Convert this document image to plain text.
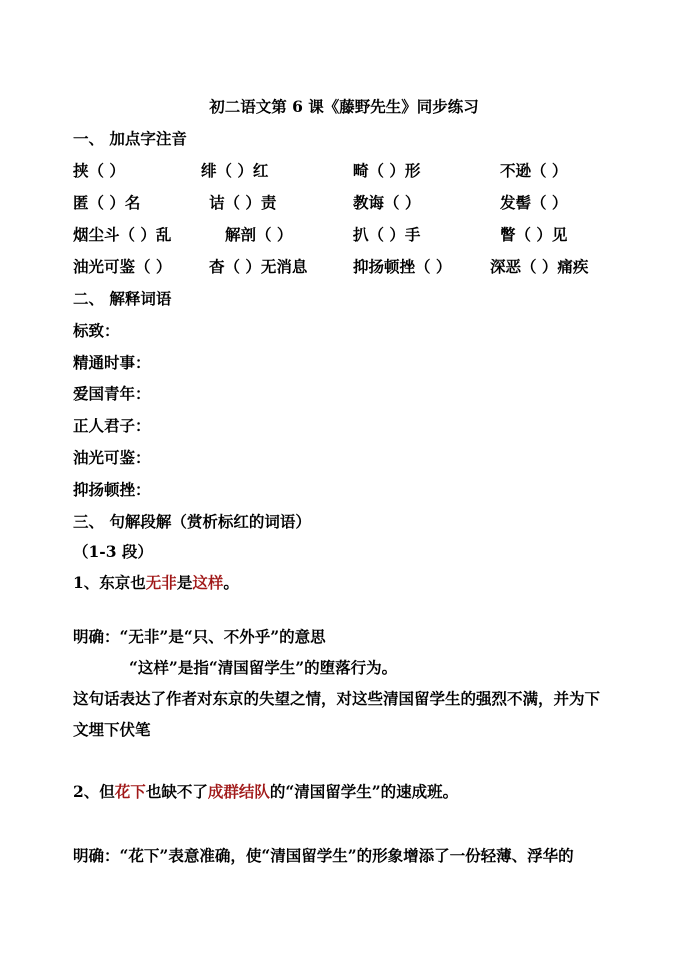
初二语文第 6 课《藤野先生》同步练习
一、 加点字注音
挟（ ）	绯（ ）红	畸（ ）形	不逊（ ）
匿（ ）名	诘（ ）责	教诲（ ）	发髻（ ）
烟尘斗（ ）乱	解剖（ ）	扒（ ）手	瞥（ ）见
油光可鉴（ ） 杳（ ）无消息	抑扬顿挫（ ） 深恶（ ）痛疾
二、 解释词语
标致：
精通时事：
爱国青年：
正人君子：
油光可鉴：
抑扬顿挫：
三、 句解段解（赏析标红的词语）
（1-3 段）
1、东京也无非是这样。
明确：“无非”是“只、不外乎”的意思
“这样”是指“清国留学生”的堕落行为。
这句话表达了作者对东京的失望之情，对这些清国留学生的强烈不满，并为下
文埋下伏笔
2、但花下也缺不了成群结队的“清国留学生”的速成班。
明确：“花下”表意准确，使“清国留学生”的形象增添了一份轻薄、浮华的
